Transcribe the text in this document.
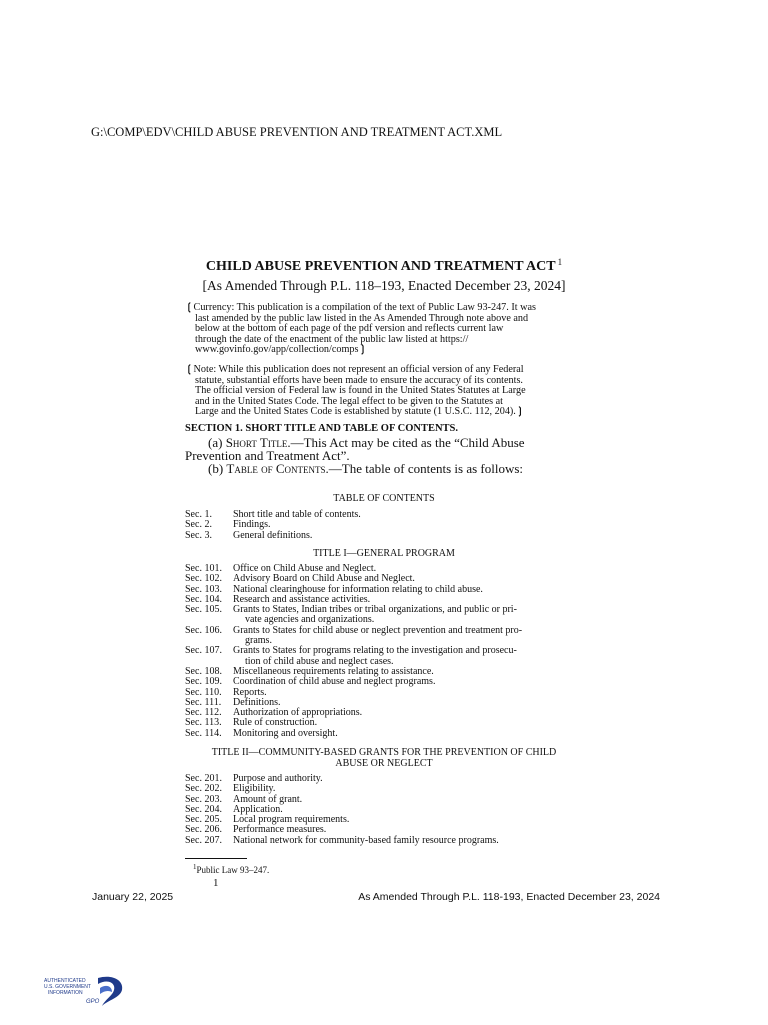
G:\COMP\EDV\CHILD ABUSE PREVENTION AND TREATMENT ACT.XML
CHILD ABUSE PREVENTION AND TREATMENT ACT $^1$
[As Amended Through P.L. 118–193, Enacted December 23, 2024]

❲Currency: This publication is a compilation of the text of Public Law 93-247. It was

last amended by the public law listed in the As Amended Through note above and

below at the bottom of each page of the pdf version and reflects current law

through the date of the enactment of the public law listed at https://

www.govinfo.gov/app/collection/comps❳

❲Note: While this publication does not represent an official version of any Federal

statute, substantial efforts have been made to ensure the accuracy of its contents.

The official version of Federal law is found in the United States Statutes at Large

and in the United States Code. The legal effect to be given to the Statutes at

Large and the United States Code is established by statute (1 U.S.C. 112, 204).❳

SECTION 1. SHORT TITLE AND TABLE OF CONTENTS.
(a) Short Title.—This Act may be cited as the “Child Abuse
Prevention and Treatment Act”.
(b) Table of Contents.—The table of contents is as follows:
TABLE OF CONTENTS
Sec. 1. Short title and table of contents.
Sec. 2. Findings.
Sec. 3. General definitions.
TITLE I—GENERAL PROGRAM
Sec. 101. Office on Child Abuse and Neglect.
Sec. 102. Advisory Board on Child Abuse and Neglect.
Sec. 103. National clearinghouse for information relating to child abuse.
Sec. 104. Research and assistance activities.
Sec. 105. Grants to States, Indian tribes or tribal organizations, and public or pri-
vate agencies and organizations.
Sec. 106. Grants to States for child abuse or neglect prevention and treatment pro-
grams.
Sec. 107. Grants to States for programs relating to the investigation and prosecu-
tion of child abuse and neglect cases.
Sec. 108. Miscellaneous requirements relating to assistance.
Sec. 109. Coordination of child abuse and neglect programs.
Sec. 110. Reports.
Sec. 111. Definitions.
Sec. 112. Authorization of appropriations.
Sec. 113. Rule of construction.
Sec. 114. Monitoring and oversight.
TITLE II—COMMUNITY-BASED GRANTS FOR THE PREVENTION OF CHILD
ABUSE OR NEGLECT
Sec. 201. Purpose and authority.
Sec. 202. Eligibility.
Sec. 203. Amount of grant.
Sec. 204. Application.
Sec. 205. Local program requirements.
Sec. 206. Performance measures.
Sec. 207. National network for community-based family resource programs.
$^1$Public Law 93–247.
1
January 22, 2025	As Amended Through P.L. 118-193, Enacted December 23, 2024
AUTHENTICATED
U.S. GOVERNMENT
INFORMATION
GPO
